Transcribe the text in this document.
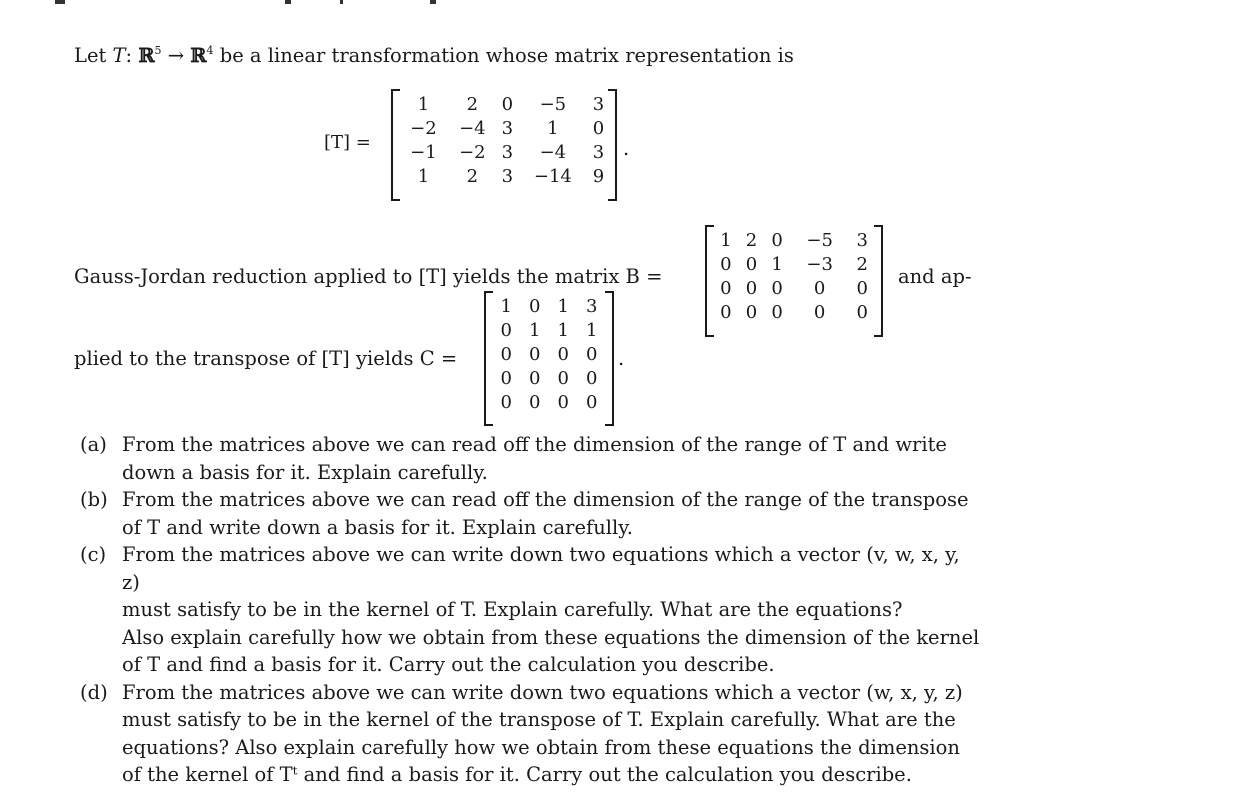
Let T: ℝ$^5$ → ℝ$^4$ be a linear transformation whose matrix representation is
[T] =
1	2	0	−5	3
−2	−4	3	1	0
−1	−2	3	−4	3
1	2	3	−14	9
.
Gauss-Jordan reduction applied to [T] yields the matrix B =
1	2	0	−5	3
0	0	1	−3	2
0	0	0	0	0
0	0	0	0	0
and ap-
plied to the transpose of [T] yields C =
1	0	1	3
0	1	1	1
0	0	0	0
0	0	0	0
0	0	0	0
.
(a) From the matrices above we can read off the dimension of the range of T and write
down a basis for it. Explain carefully.
(b) From the matrices above we can read off the dimension of the range of the transpose
of T and write down a basis for it. Explain carefully.
(c) From the matrices above we can write down two equations which a vector (v, w, x, y, z)
must satisfy to be in the kernel of T. Explain carefully. What are the equations?
Also explain carefully how we obtain from these equations the dimension of the kernel
of T and find a basis for it. Carry out the calculation you describe.
(d) From the matrices above we can write down two equations which a vector (w, x, y, z)
must satisfy to be in the kernel of the transpose of T. Explain carefully. What are the
equations? Also explain carefully how we obtain from these equations the dimension
of the kernel of Tᵗ and find a basis for it. Carry out the calculation you describe.
